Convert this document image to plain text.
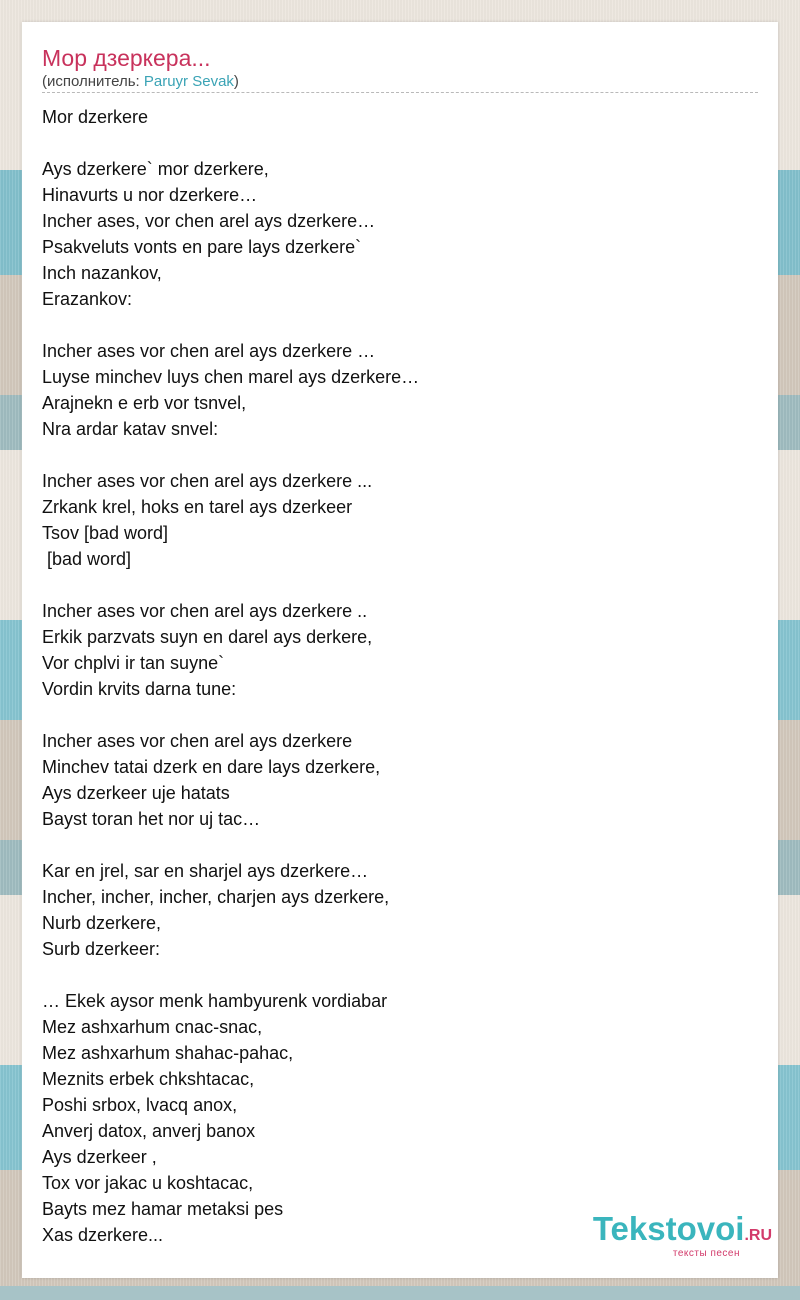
Мор дзеркера...
(исполнитель: Paruyr Sevak)
Mor dzerkere
Ays dzerkere` mor dzerkere,
Hinavurts u nor dzerkere…
Incher ases, vor chen arel ays dzerkere…
Psakveluts vonts en pare lays dzerkere`
Inch nazankov,
Erazankov:
Incher ases vor chen arel ays dzerkere …
Luyse minchev luys chen marel ays dzerkere…
Arajnekn e erb vor tsnvel,
Nra ardar katav snvel:
Incher ases vor chen arel ays dzerkere ...
Zrkank krel, hoks en tarel ays dzerkeer
Tsov [bad word]
[bad word]
Incher ases vor chen arel ays dzerkere ..
Erkik parzvats suyn en darel ays derkere,
Vor chplvi ir tan suyne`
Vordin krvits darna tune:
Incher ases vor chen arel ays dzerkere
Minchev tatai dzerk en dare lays dzerkere,
Ays dzerkeer uje hatats
Bayst toran het nor uj tac…
Kar en jrel, sar en sharjel ays dzerkere…
Incher, incher, incher, charjen ays dzerkere,
Nurb dzerkere,
Surb dzerkeer:
… Ekek aysor menk hambyurenk vordiabar
Mez ashxarhum cnac-snac,
Mez ashxarhum shahac-pahac,
Meznits erbek chkshtacac,
Poshi srbox, lvacq anox,
Anverj datox, anverj banox
Ays dzerkeer ,
Tox vor jakac u koshtacac,
Bayts mez hamar metaksi pes
Xas dzerkere...	Tekstovoi.RU
тексты песен
